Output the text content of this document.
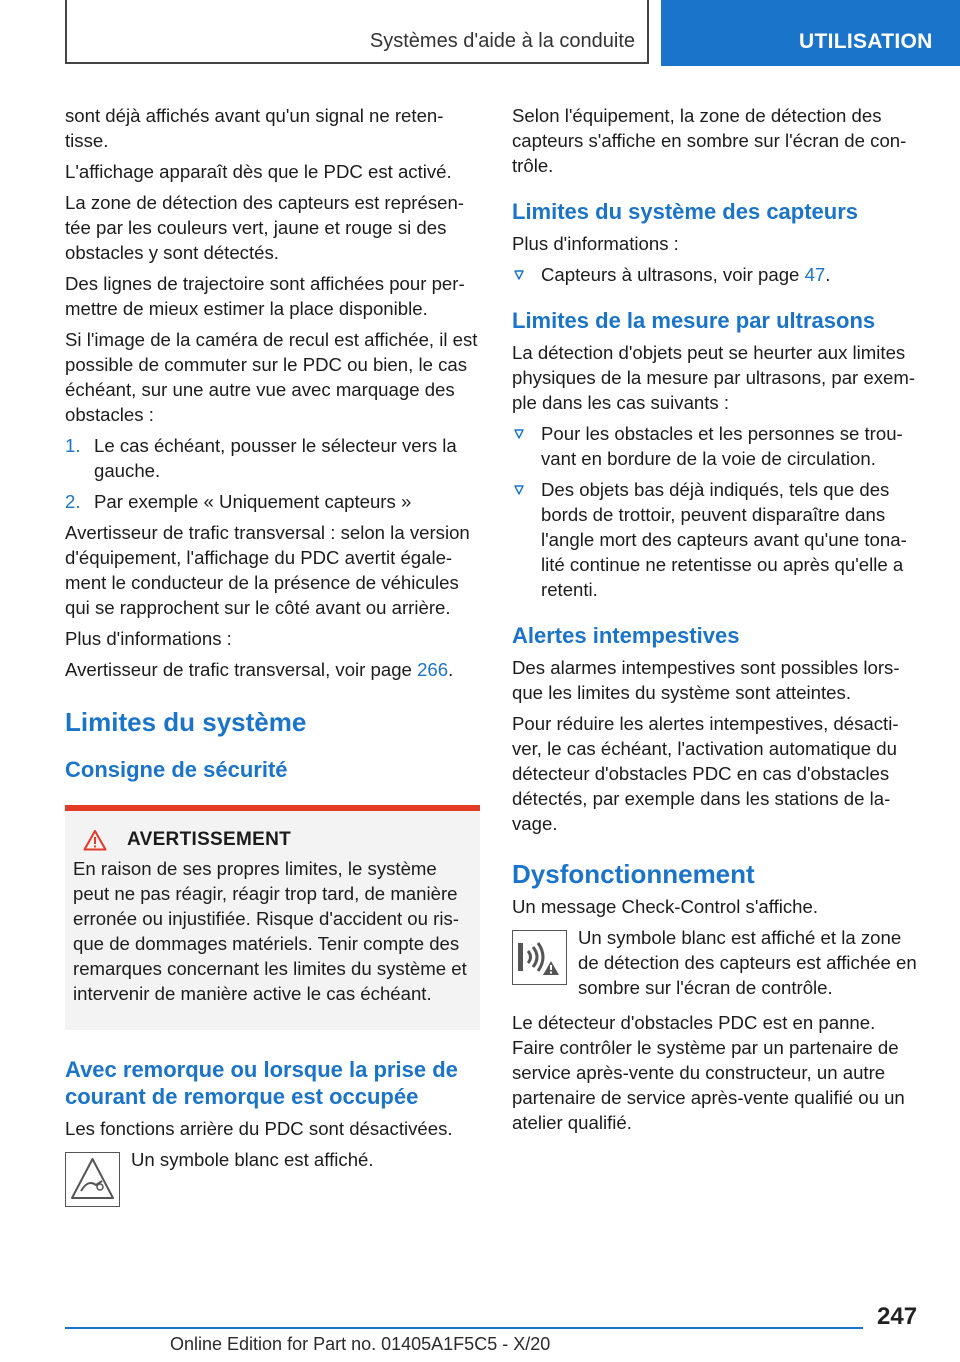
Systèmes d'aide à la conduite	UTILISATION

sont déjà affichés avant qu'un signal ne reten-tisse.

L'affichage apparaît dès que le PDC est activé.

La zone de détection des capteurs est représen-tée par les couleurs vert, jaune et rouge si des obstacles y sont détectés.

Des lignes de trajectoire sont affichées pour per-mettre de mieux estimer la place disponible.

Si l'image de la caméra de recul est affichée, il est possible de commuter sur le PDC ou bien, le cas échéant, sur une autre vue avec marquage des obstacles :

1. Le cas échéant, pousser le sélecteur vers la gauche.
2. Par exemple « Uniquement capteurs »

Avertisseur de trafic transversal : selon la version d'équipement, l'affichage du PDC avertit égale-ment le conducteur de la présence de véhicules qui se rapprochent sur le côté avant ou arrière.

Plus d'informations :

Avertisseur de trafic transversal, voir page 266.

Limites du système
Consigne de sécurité
AVERTISSEMENT

En raison de ses propres limites, le système peut ne pas réagir, réagir trop tard, de manière erronée ou injustifiée. Risque d'accident ou ris-que de dommages matériels. Tenir compte des remarques concernant les limites du système et intervenir de manière active le cas échéant.

Avec remorque ou lorsque la prise de courant de remorque est occupée

Les fonctions arrière du PDC sont désactivées.

Un symbole blanc est affiché.

Selon l'équipement, la zone de détection des capteurs s'affiche en sombre sur l'écran de con-trôle.

Limites du système des capteurs

Plus d'informations :

Capteurs à ultrasons, voir page 47.
Limites de la mesure par ultrasons

La détection d'objets peut se heurter aux limites physiques de la mesure par ultrasons, par exem-ple dans les cas suivants :

Pour les obstacles et les personnes se trou-vant en bordure de la voie de circulation.
Des objets bas déjà indiqués, tels que des bords de trottoir, peuvent disparaître dans l'angle mort des capteurs avant qu'une tona-lité continue ne retentisse ou après qu'elle a retenti.
Alertes intempestives

Des alarmes intempestives sont possibles lors-que les limites du système sont atteintes.

Pour réduire les alertes intempestives, désacti-ver, le cas échéant, l'activation automatique du détecteur d'obstacles PDC en cas d'obstacles détectés, par exemple dans les stations de la-vage.

Dysfonctionnement

Un message Check-Control s'affiche.

Un symbole blanc est affiché et la zone de détection des capteurs est affichée en sombre sur l'écran de contrôle.

Le détecteur d'obstacles PDC est en panne. Faire contrôler le système par un partenaire de service après-vente du constructeur, un autre partenaire de service après-vente qualifié ou un atelier qualifié.

247
Online Edition for Part no. 01405A1F5C5 - X/20
